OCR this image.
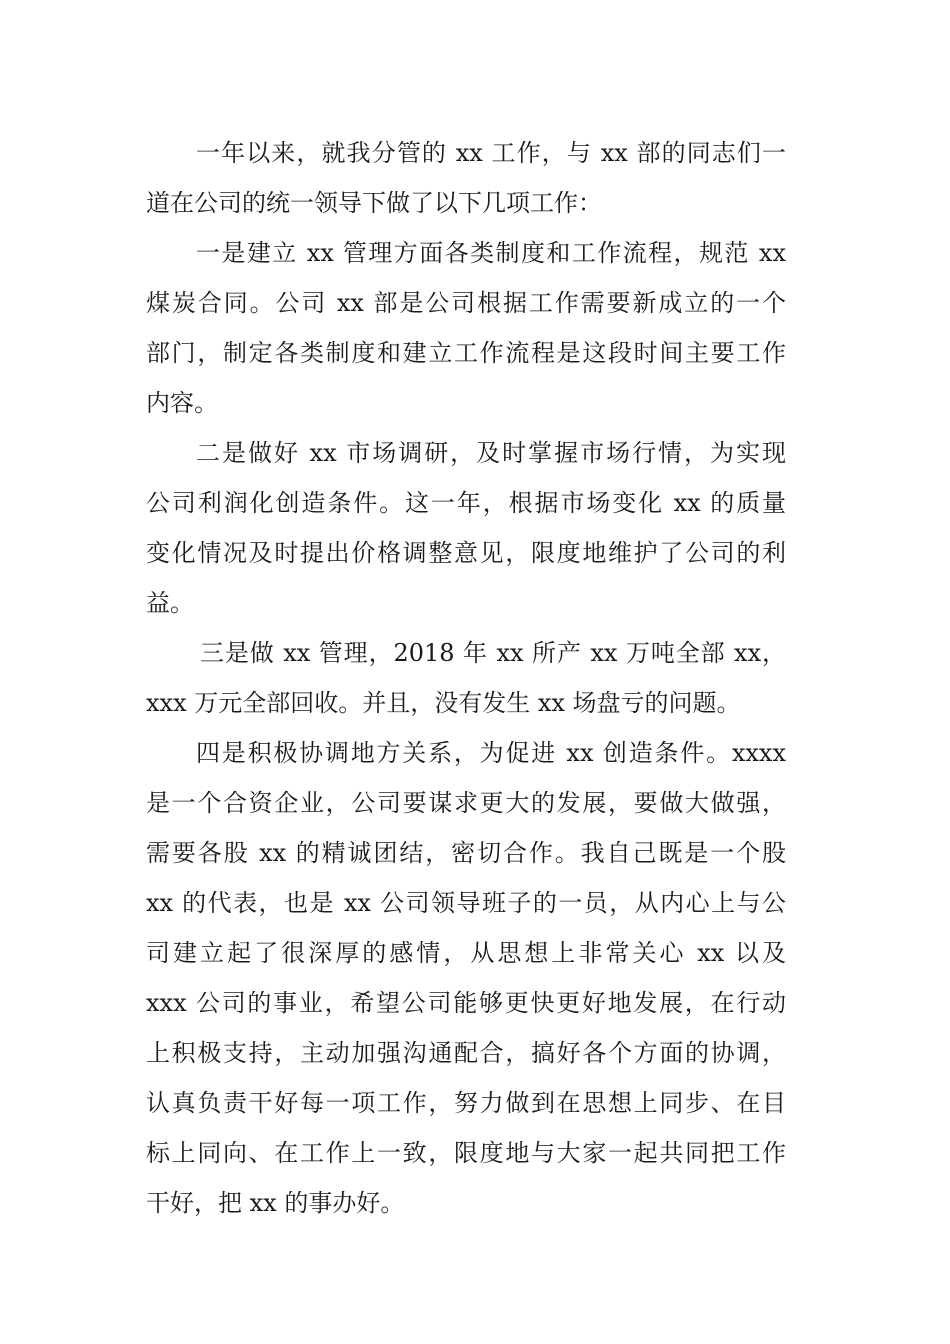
一年以来，就我分管的 xx 工作，与 xx 部的同志们一
道在公司的统一领导下做了以下几项工作：
一是建立 xx 管理方面各类制度和工作流程，规范 xx
煤炭合同。公司 xx 部是公司根据工作需要新成立的一个
部门，制定各类制度和建立工作流程是这段时间主要工作
内容。
二是做好 xx 市场调研，及时掌握市场行情，为实现
公司利润化创造条件。这一年，根据市场变化 xx 的质量
变化情况及时提出价格调整意见，限度地维护了公司的利
益。
三是做 xx 管理，2018 年 xx 所产 xx 万吨全部 xx，
xxx 万元全部回收。并且，没有发生 xx 场盘亏的问题。
四是积极协调地方关系，为促进 xx 创造条件。xxxx
是一个合资企业，公司要谋求更大的发展，要做大做强，
需要各股 xx 的精诚团结，密切合作。我自己既是一个股
xx 的代表，也是 xx 公司领导班子的一员，从内心上与公
司建立起了很深厚的感情，从思想上非常关心 xx 以及
xxx 公司的事业，希望公司能够更快更好地发展，在行动
上积极支持，主动加强沟通配合，搞好各个方面的协调，
认真负责干好每一项工作，努力做到在思想上同步、在目
标上同向、在工作上一致，限度地与大家一起共同把工作
干好，把 xx 的事办好。
